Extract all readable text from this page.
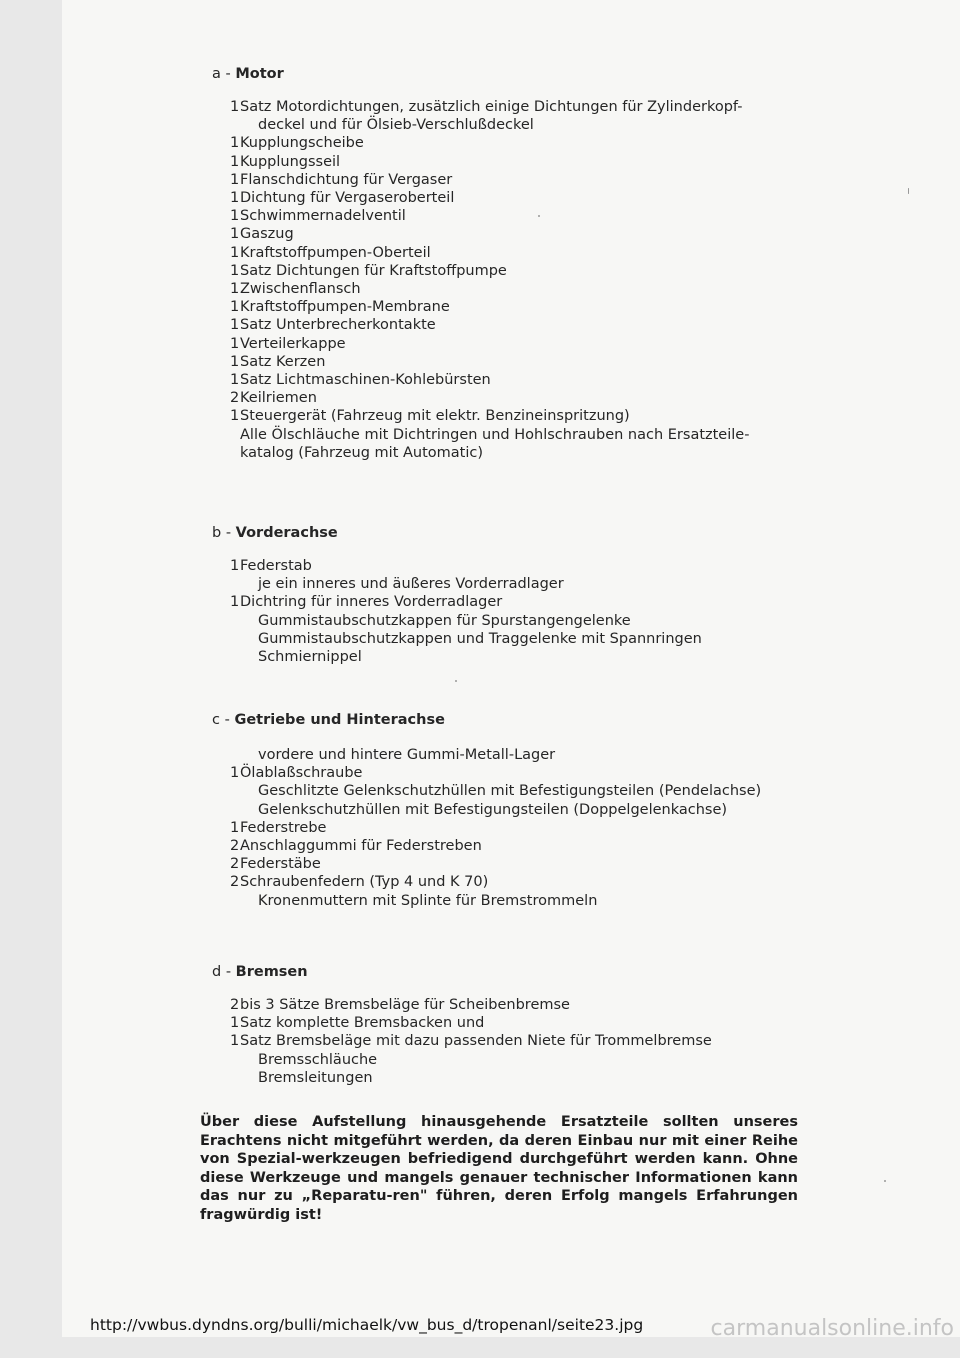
a - Motor
1 Satz Motordichtungen, zusätzlich einige Dichtungen für Zylinderkopf-
deckel und für Ölsieb-Verschlußdeckel
1 Kupplungscheibe
1 Kupplungsseil
1 Flanschdichtung für Vergaser
1 Dichtung für Vergaseroberteil
1 Schwimmernadelventil
1 Gaszug
1 Kraftstoffpumpen-Oberteil
1 Satz Dichtungen für Kraftstoffpumpe
1 Zwischenflansch
1 Kraftstoffpumpen-Membrane
1 Satz Unterbrecherkontakte
1 Verteilerkappe
1 Satz Kerzen
1 Satz Lichtmaschinen-Kohlebürsten
2 Keilriemen
1 Steuergerät (Fahrzeug mit elektr. Benzineinspritzung)
Alle Ölschläuche mit Dichtringen und Hohlschrauben nach Ersatzteile-
katalog (Fahrzeug mit Automatic)
b - Vorderachse
1 Federstab
je ein inneres und äußeres Vorderradlager
1 Dichtring für inneres Vorderradlager
Gummistaubschutzkappen für Spurstangengelenke
Gummistaubschutzkappen und Traggelenke mit Spannringen
Schmiernippel
c - Getriebe und Hinterachse
vordere und hintere Gummi-Metall-Lager
1 Ölablaßschraube
Geschlitzte Gelenkschutzhüllen mit Befestigungsteilen (Pendelachse)
Gelenkschutzhüllen mit Befestigungsteilen (Doppelgelenkachse)
1 Federstrebe
2 Anschlaggummi für Federstreben
2 Federstäbe
2 Schraubenfedern (Typ 4 und K 70)
Kronenmuttern mit Splinte für Bremstrommeln
d - Bremsen
2 bis 3 Sätze Bremsbeläge für Scheibenbremse
1 Satz komplette Bremsbacken und
1 Satz Bremsbeläge mit dazu passenden Niete für Trommelbremse
Bremsschläuche
Bremsleitungen
Über diese Aufstellung hinausgehende Ersatzteile sollten unseres Erachtens nicht mitgeführt werden, da deren Einbau nur mit einer Reihe von Spezial-werkzeugen befriedigend durchgeführt werden kann. Ohne diese Werkzeuge und mangels genauer technischer Informationen kann das nur zu „Reparatu-ren" führen, deren Erfolg mangels Erfahrungen fragwürdig ist!
http://vwbus.dyndns.org/bulli/michaelk/vw_bus_d/tropenanl/seite23.jpg	carmanualsonline.info
